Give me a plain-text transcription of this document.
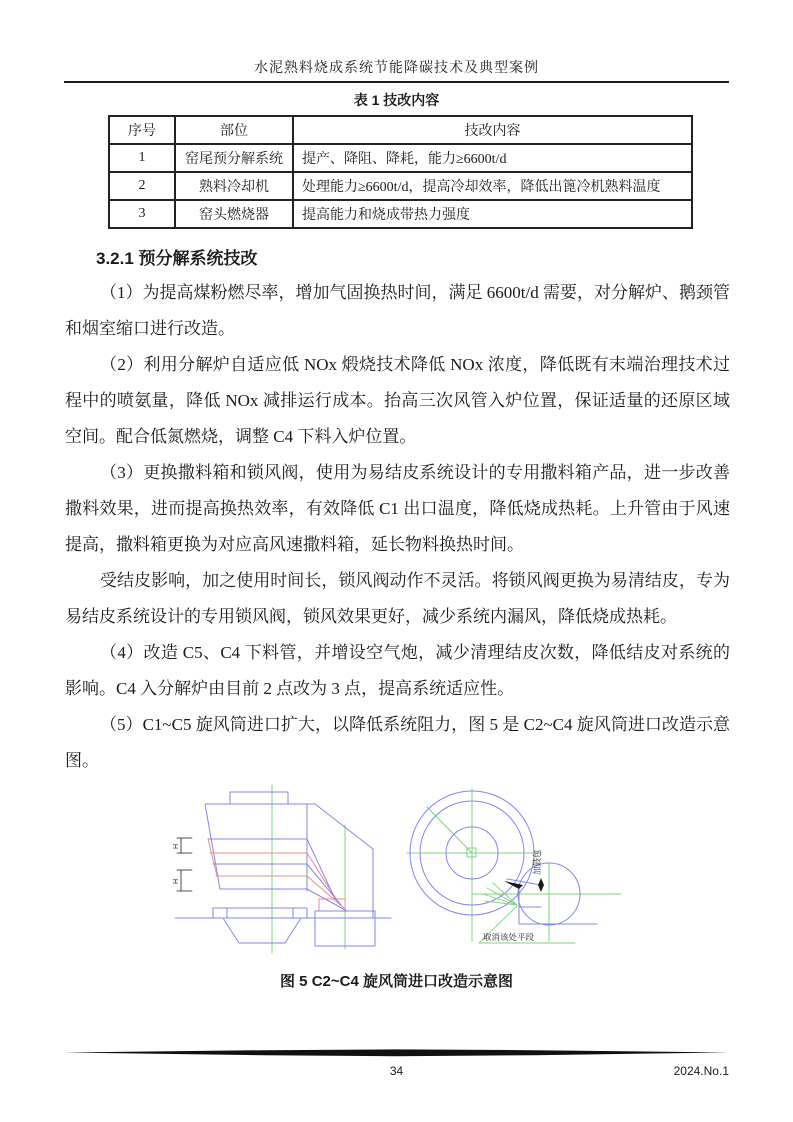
水泥熟料烧成系统节能降碳技术及典型案例
表 1 技改内容
序号	部位	技改内容
1	窑尾预分解系统	提产、降阻、降耗，能力≥6600t/d
2	熟料冷却机	处理能力≥6600t/d，提高冷却效率，降低出篦冷机熟料温度
3	窑头燃烧器	提高能力和烧成带热力强度
3.2.1 预分解系统技改

（1）为提高煤粉燃尽率，增加气固换热时间，满足 6600t/d 需要，对分解炉、鹅颈管和烟室缩口进行改造。

（2）利用分解炉自适应低 NOx 煅烧技术降低 NOx 浓度，降低既有末端治理技术过程中的喷氨量，降低 NOx 减排运行成本。抬高三次风管入炉位置，保证适量的还原区域空间。配合低氮燃烧，调整 C4 下料入炉位置。

（3）更换撒料箱和锁风阀，使用为易结皮系统设计的专用撒料箱产品，进一步改善撒料效果，进而提高换热效率，有效降低 C1 出口温度，降低烧成热耗。上升管由于风速提高，撒料箱更换为对应高风速撒料箱，延长物料换热时间。

受结皮影响，加之使用时间长，锁风阀动作不灵活。将锁风阀更换为易清结皮，专为易结皮系统设计的专用锁风阀，锁风效果更好，减少系统内漏风，降低烧成热耗。

（4）改造 C5、C4 下料管，并增设空气炮，减少清理结皮次数，降低结皮对系统的影响。C4 入分解炉由目前 2 点改为 3 点，提高系统适应性。

（5）C1~C5 旋风筒进口扩大，以降低系统阻力，图 5 是 C2~C4 旋风筒进口改造示意图。

H
H
加鼓包
取消该处平段
图 5 C2~C4 旋风筒进口改造示意图
34	2024.No.1
